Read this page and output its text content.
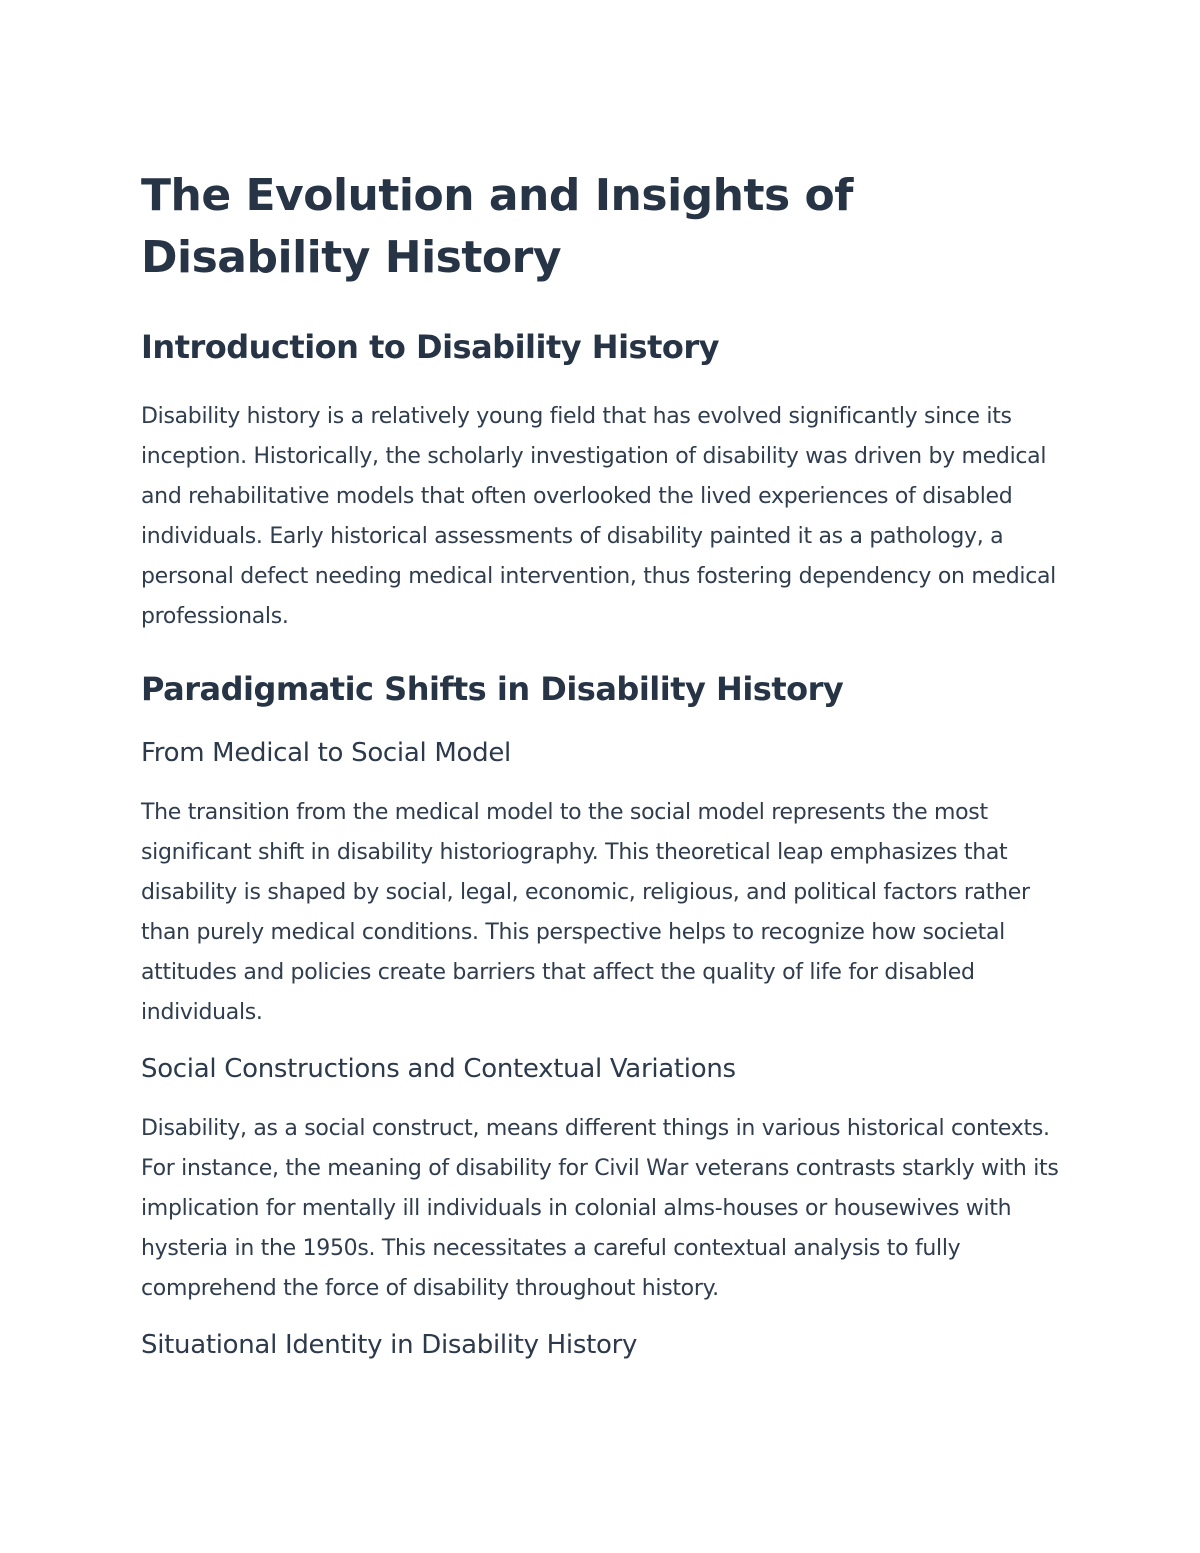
The Evolution and Insights of Disability History
Introduction to Disability History

Disability history is a relatively young field that has evolved significantly since its inception. Historically, the scholarly investigation of disability was driven by medical and rehabilitative models that often overlooked the lived experiences of disabled individuals. Early historical assessments of disability painted it as a pathology, a personal defect needing medical intervention, thus fostering dependency on medical professionals.

Paradigmatic Shifts in Disability History
From Medical to Social Model

The transition from the medical model to the social model represents the most significant shift in disability historiography. This theoretical leap emphasizes that disability is shaped by social, legal, economic, religious, and political factors rather than purely medical conditions. This perspective helps to recognize how societal attitudes and policies create barriers that affect the quality of life for disabled individuals.

Social Constructions and Contextual Variations

Disability, as a social construct, means different things in various historical contexts. For instance, the meaning of disability for Civil War veterans contrasts starkly with its implication for mentally ill individuals in colonial alms-houses or housewives with hysteria in the 1950s. This necessitates a careful contextual analysis to fully comprehend the force of disability throughout history.

Situational Identity in Disability History
